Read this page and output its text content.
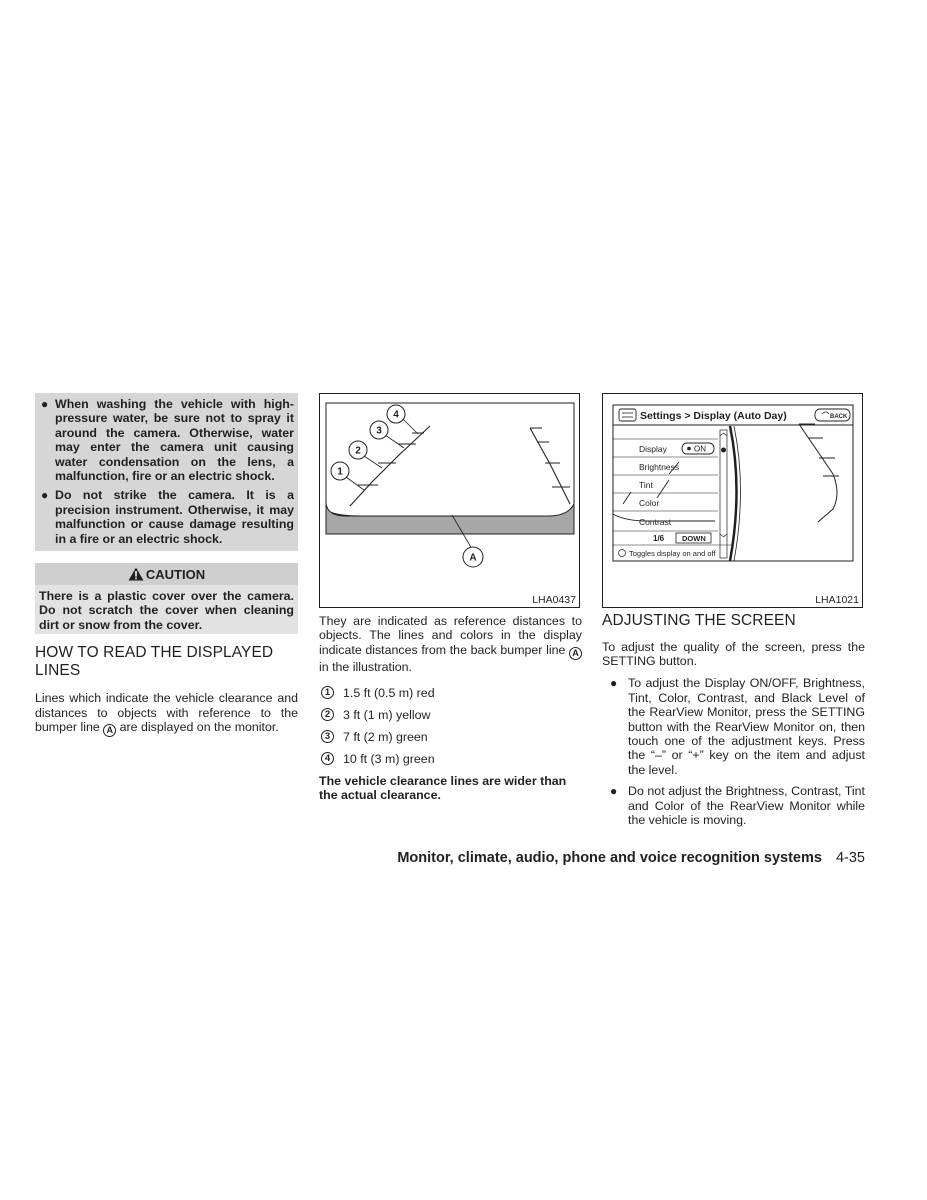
● When washing the vehicle with high-pressure water, be sure not to spray it around the camera. Otherwise, water may enter the camera unit causing water condensation on the lens, a malfunction, fire or an electric shock.
● Do not strike the camera. It is a precision instrument. Otherwise, it may malfunction or cause damage resulting in a fire or an electric shock.
CAUTION
There is a plastic cover over the camera. Do not scratch the cover when cleaning dirt or snow from the cover.
HOW TO READ THE DISPLAYED LINES

Lines which indicate the vehicle clearance and distances to objects with reference to the bumper line A are displayed on the monitor.

1
2
3
4
A
LHA0437

They are indicated as reference distances to objects. The lines and colors in the display indicate distances from the back bumper line A in the illustration.

1	1.5 ft (0.5 m) red
2	3 ft (1 m) yellow
3	7 ft (2 m) green
4	10 ft (3 m) green
The vehicle clearance lines are wider than the actual clearance.
Settings > Display (Auto Day)	BACK
Display
Brightness
Tint
Color
Contrast
ON
1/6 DOWN
Toggles display on and off
LHA1021
ADJUSTING THE SCREEN

To adjust the quality of the screen, press the SETTING button.

● To adjust the Display ON/OFF, Brightness, Tint, Color, Contrast, and Black Level of the RearView Monitor, press the SETTING button with the RearView Monitor on, then touch one of the adjustment keys. Press the “–” or “+” key on the item and adjust the level.
● Do not adjust the Brightness, Contrast, Tint and Color of the RearView Monitor while the vehicle is moving.
Monitor, climate, audio, phone and voice recognition systems 4-35
